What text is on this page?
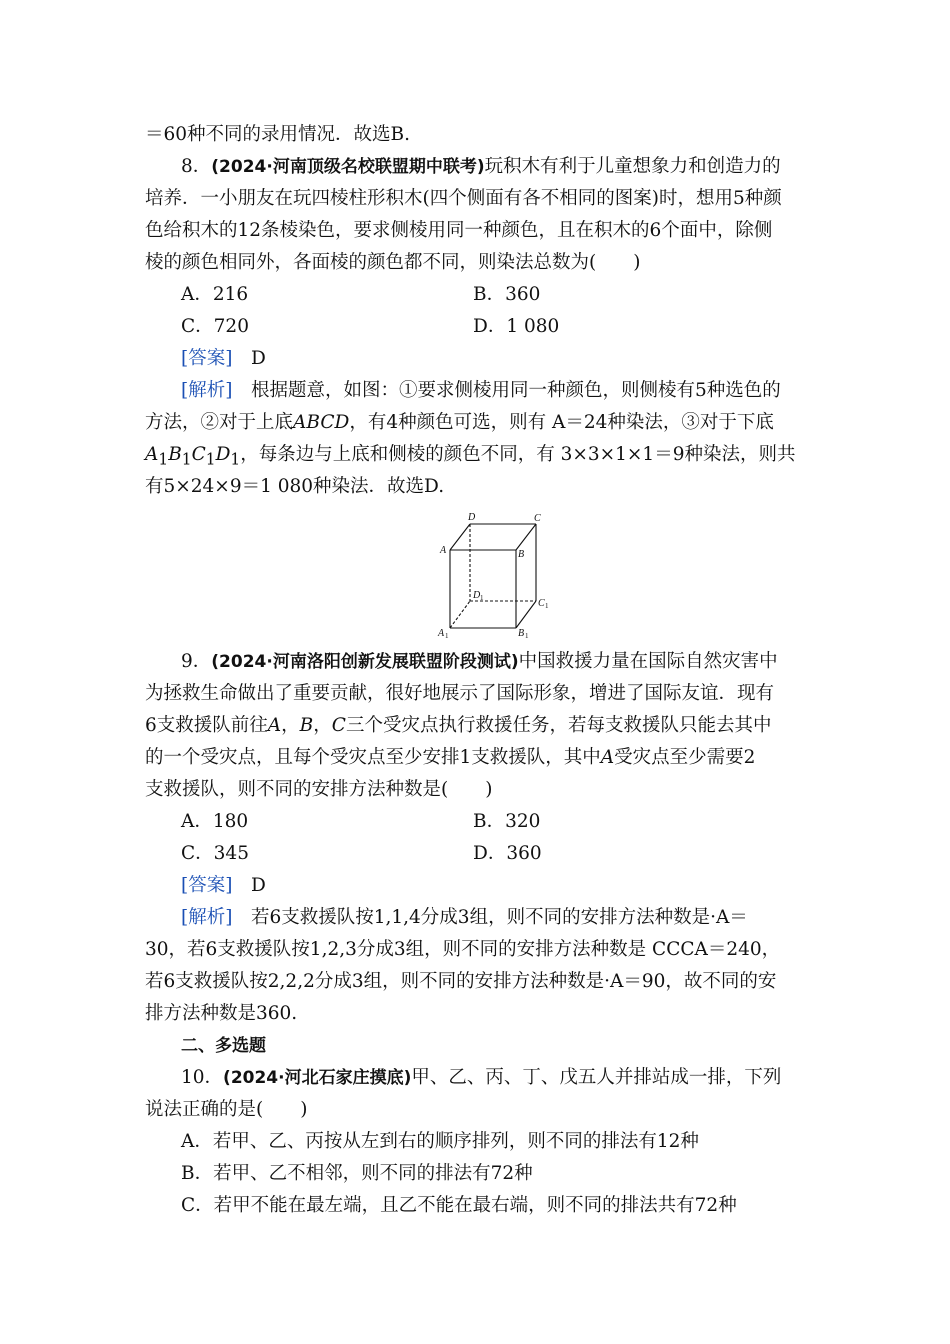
＝60种不同的录用情况．故选B.
8．(2024·河南顶级名校联盟期中联考)玩积木有利于儿童想象力和创造力的
培养．一小朋友在玩四棱柱形积木(四个侧面有各不相同的图案)时，想用5种颜
色给积木的12条棱染色，要求侧棱用同一种颜色，且在积木的6个面中，除侧
棱的颜色相同外，各面棱的颜色都不同，则染法总数为(　　)
A．216	B．360
C．720	D．1 080
[答案]　 D
[解析]　 根据题意，如图：①要求侧棱用同一种颜色，则侧棱有5种选色的
方法，②对于上底ABCD，有4种颜色可选，则有 A＝24种染法，③对于下底
$A_1B_1C_1D_1$，每条边与上底和侧棱的颜色不同，有 3×3×1×1＝9种染法，则共
有5×24×9＝1 080种染法．故选D.
D	C
A	B
D 1	C 1
A 1	B 1
9．(2024·河南洛阳创新发展联盟阶段测试)中国救援力量在国际自然灾害中
为拯救生命做出了重要贡献，很好地展示了国际形象，增进了国际友谊．现有
6支救援队前往A，B，C三个受灾点执行救援任务，若每支救援队只能去其中
的一个受灾点，且每个受灾点至少安排1支救援队，其中A受灾点至少需要2
支救援队，则不同的安排方法种数是(　　)
A．180	B．320
C．345	D．360
[答案]　 D
[解析]　 若6支救援队按1,1,4分成3组，则不同的安排方法种数是·A＝
30，若6支救援队按1,2,3分成3组，则不同的安排方法种数是 CCCA＝240，
若6支救援队按2,2,2分成3组，则不同的安排方法种数是·A＝90，故不同的安
排方法种数是360.
二、多选题
10．(2024·河北石家庄摸底)甲、乙、丙、丁、戊五人并排站成一排，下列
说法正确的是(　　)
A．若甲、乙、丙按从左到右的顺序排列，则不同的排法有12种
B．若甲、乙不相邻，则不同的排法有72种
C．若甲不能在最左端，且乙不能在最右端，则不同的排法共有72种
